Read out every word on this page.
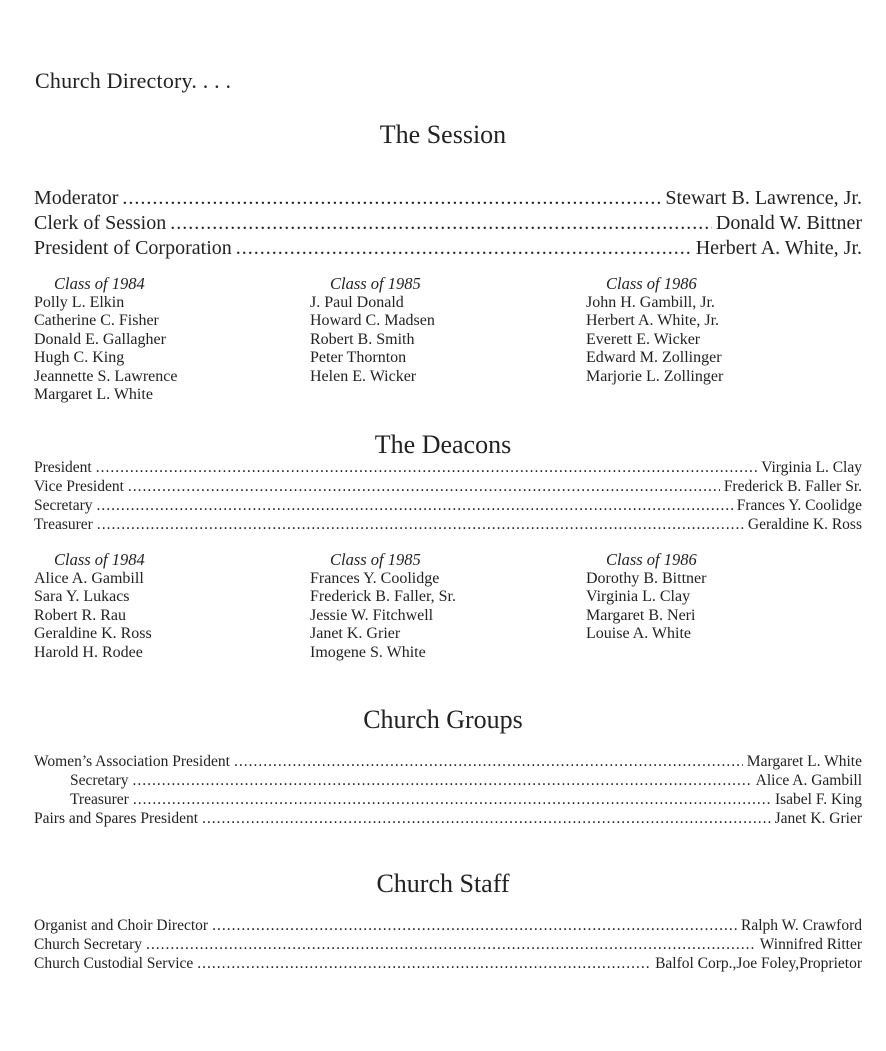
Church Directory. . . .
The Session
Moderator .....	Stewart B. Lawrence, Jr.
Clerk of Session .....	Donald W. Bittner
President of Corporation .....	Herbert A. White, Jr.
Class of 1984
Polly L. Elkin
Catherine C. Fisher
Donald E. Gallagher
Hugh C. King
Jeannette S. Lawrence
Margaret L. White
Class of 1985
J. Paul Donald
Howard C. Madsen
Robert B. Smith
Peter Thornton
Helen E. Wicker
Class of 1986
John H. Gambill, Jr.
Herbert A. White, Jr.
Everett E. Wicker
Edward M. Zollinger
Marjorie L. Zollinger
The Deacons
President .....	Virginia L. Clay
Vice President .....	Frederick B. Faller Sr.
Secretary .....	Frances Y. Coolidge
Treasurer .....	Geraldine K. Ross
Class of 1984
Alice A. Gambill
Sara Y. Lukacs
Robert R. Rau
Geraldine K. Ross
Harold H. Rodee
Class of 1985
Frances Y. Coolidge
Frederick B. Faller, Sr.
Jessie W. Fitchwell
Janet K. Grier
Imogene S. White
Class of 1986
Dorothy B. Bittner
Virginia L. Clay
Margaret B. Neri
Louise A. White
Church Groups
Women’s Association President .....	Margaret L. White
Secretary .....	Alice A. Gambill
Treasurer .....	Isabel F. King
Pairs and Spares President .....	Janet K. Grier
Church Staff
Organist and Choir Director .....	Ralph W. Crawford
Church Secretary .....	Winnifred Ritter
Church Custodial Service .....	Balfol Corp.,Joe Foley,Proprietor
